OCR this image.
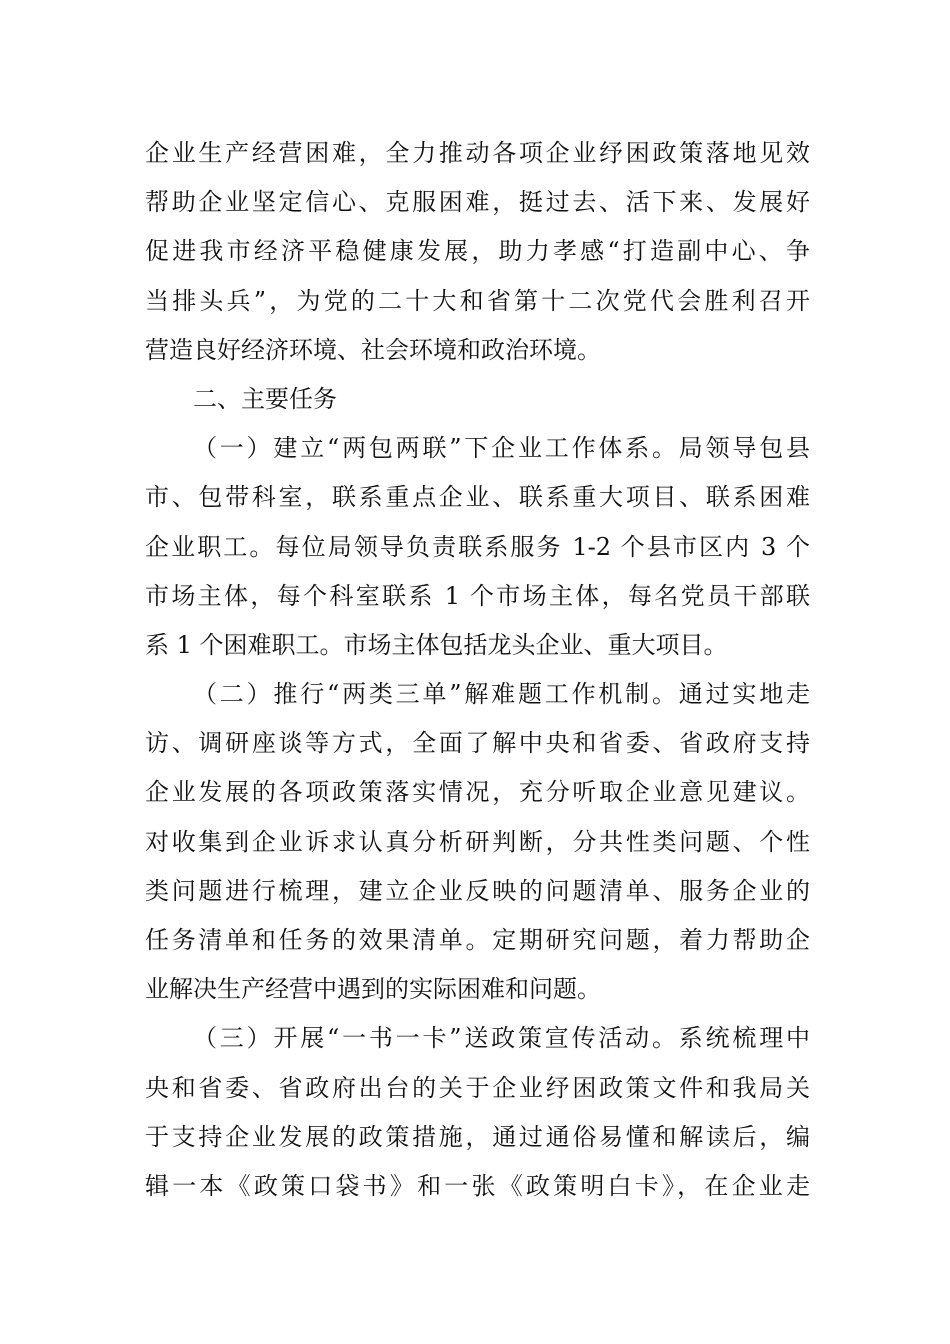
企业生产经营困难，全力推动各项企业纾困政策落地见效
帮助企业坚定信心、克服困难，挺过去、活下来、发展好
促进我市经济平稳健康发展，助力孝感“打造副中心、争
当排头兵”，为党的二十大和省第十二次党代会胜利召开
营造良好经济环境、社会环境和政治环境。
二、主要任务
（一）建立“两包两联”下企业工作体系。局领导包县
市、包带科室，联系重点企业、联系重大项目、联系困难
企业职工。每位局领导负责联系服务 1-2 个县市区内 3 个
市场主体，每个科室联系 1 个市场主体，每名党员干部联
系 1 个困难职工。市场主体包括龙头企业、重大项目。
（二）推行“两类三单”解难题工作机制。通过实地走
访、调研座谈等方式，全面了解中央和省委、省政府支持
企业发展的各项政策落实情况，充分听取企业意见建议。
对收集到企业诉求认真分析研判断，分共性类问题、个性
类问题进行梳理，建立企业反映的问题清单、服务企业的
任务清单和任务的效果清单。定期研究问题，着力帮助企
业解决生产经营中遇到的实际困难和问题。
（三）开展“一书一卡”送政策宣传活动。系统梳理中
央和省委、省政府出台的关于企业纾困政策文件和我局关
于支持企业发展的政策措施，通过通俗易懂和解读后，编
辑一本《政策口袋书》和一张《政策明白卡》，在企业走
